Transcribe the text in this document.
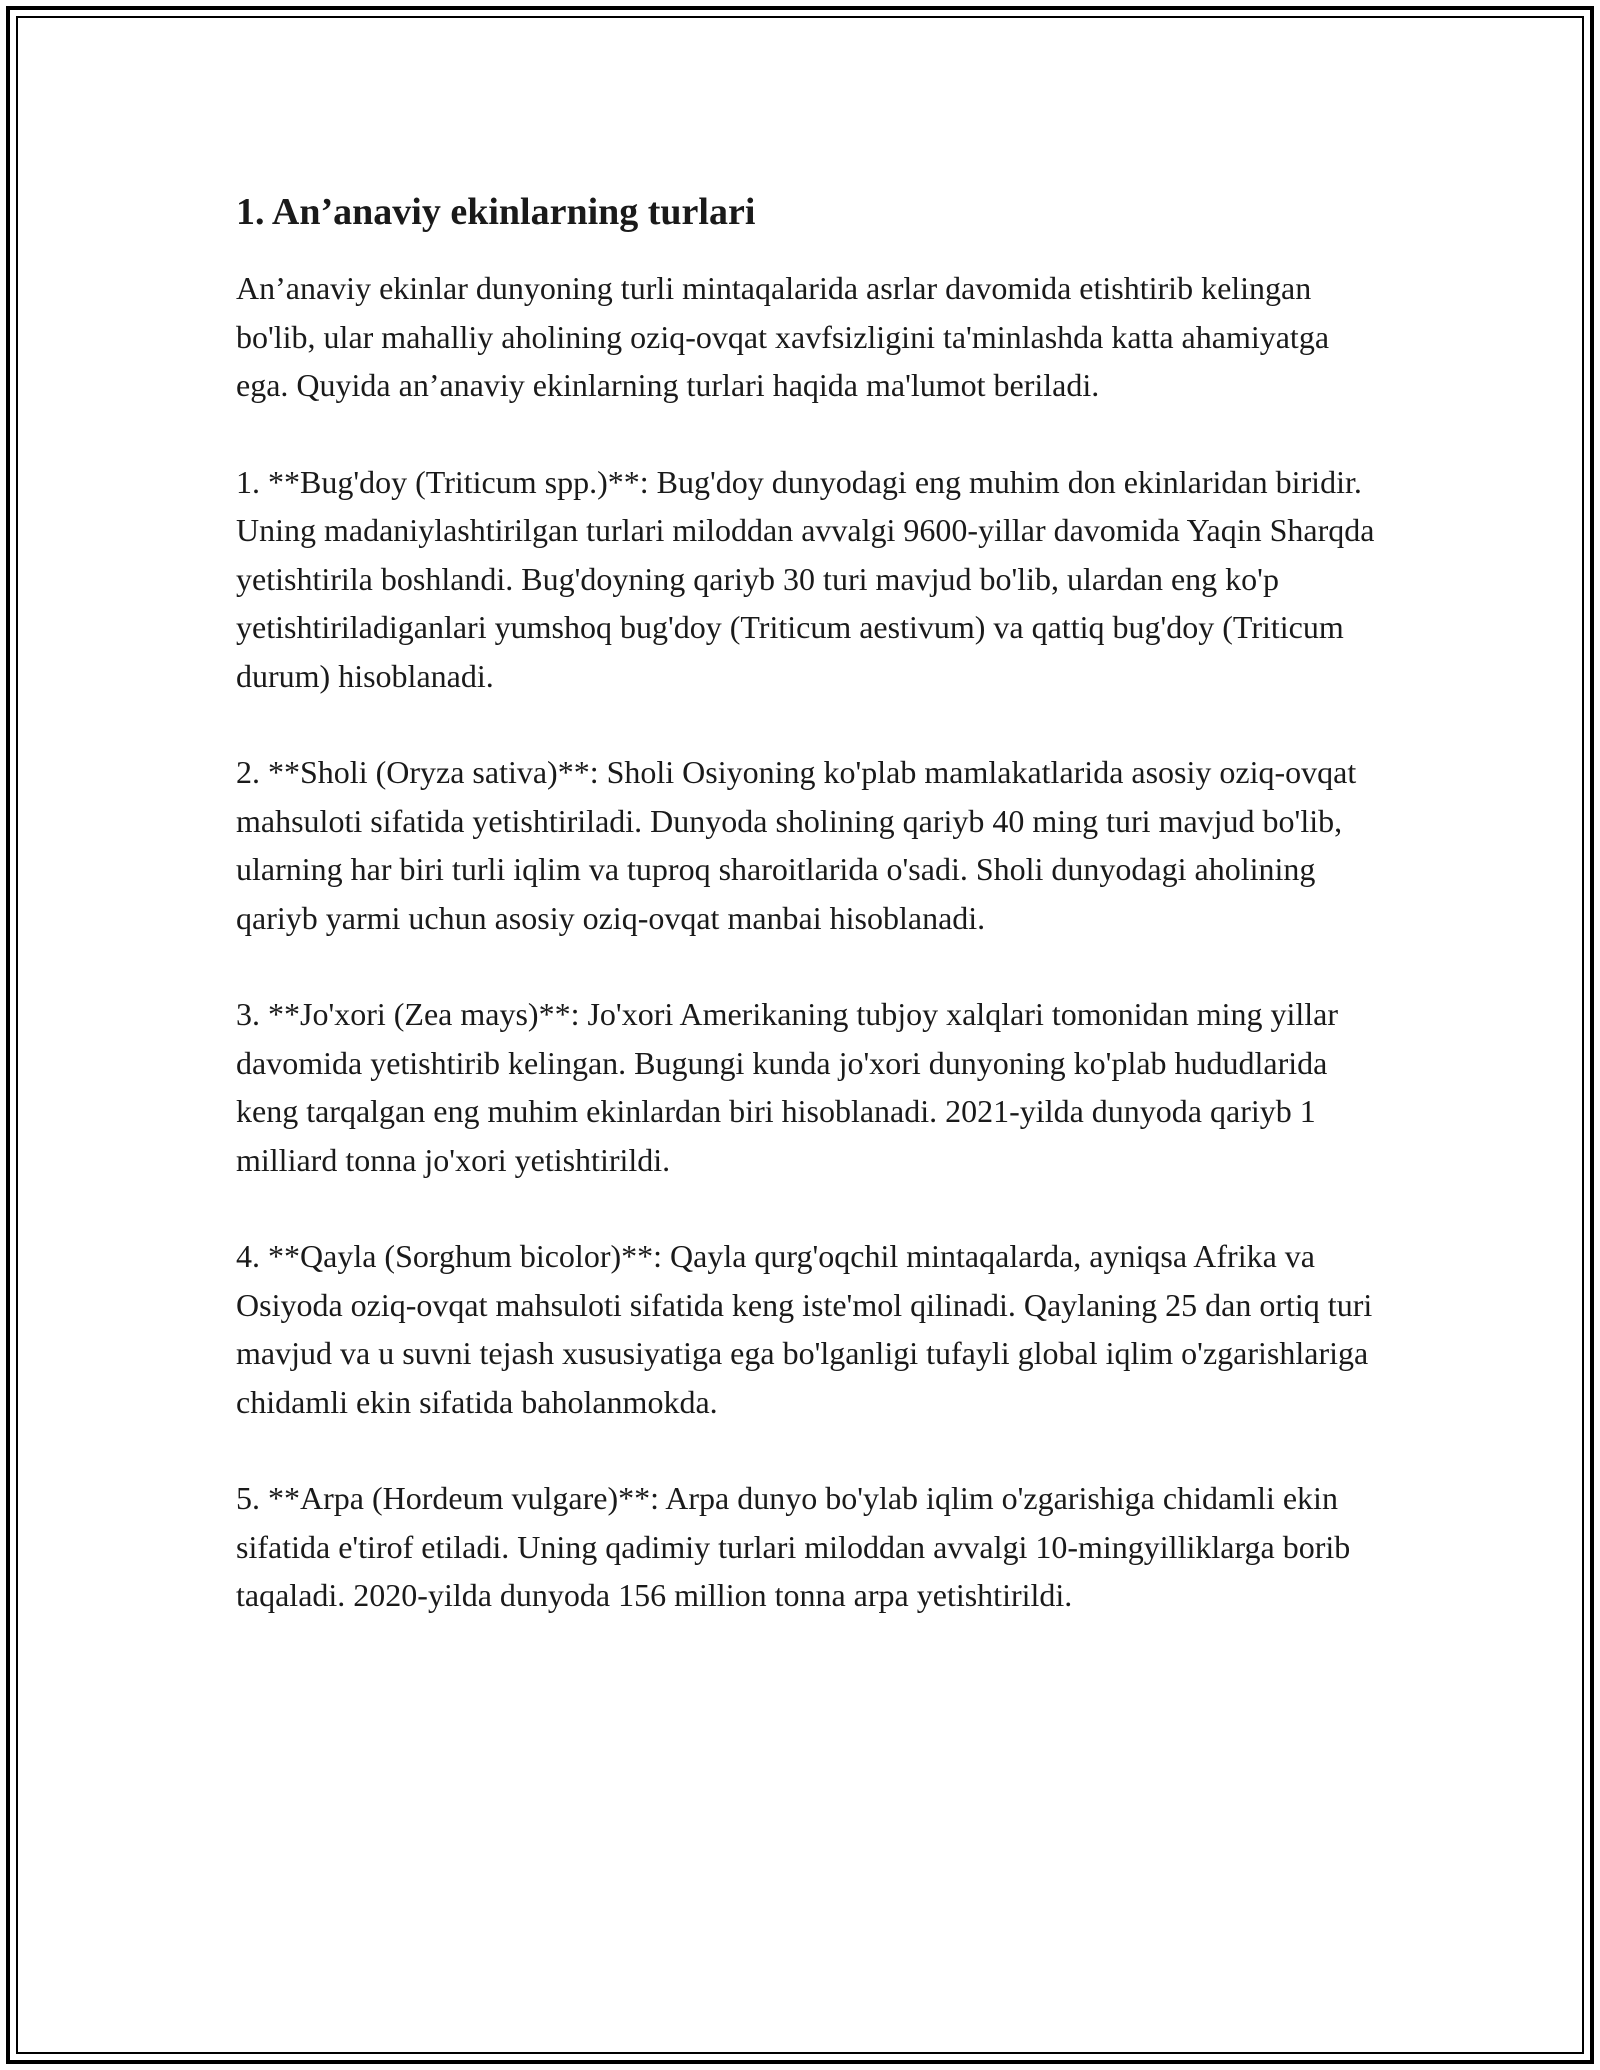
1. An’anaviy ekinlarning turlari

An’anaviy ekinlar dunyoning turli mintaqalarida asrlar davomida etishtirib kelingan bo'lib, ular mahalliy aholining oziq-ovqat xavfsizligini ta'minlashda katta ahamiyatga ega. Quyida an’anaviy ekinlarning turlari haqida ma'lumot beriladi.

1. **Bug'doy (Triticum spp.)**: Bug'doy dunyodagi eng muhim don ekinlaridan biridir. Uning madaniylashtirilgan turlari miloddan avvalgi 9600-yillar davomida Yaqin Sharqda yetishtirila boshlandi. Bug'doyning qariyb 30 turi mavjud bo'lib, ulardan eng ko'p yetishtiriladiganlari yumshoq bug'doy (Triticum aestivum) va qattiq bug'doy (Triticum durum) hisoblanadi.

2. **Sholi (Oryza sativa)**: Sholi Osiyoning ko'plab mamlakatlarida asosiy oziq-ovqat mahsuloti sifatida yetishtiriladi. Dunyoda sholining qariyb 40 ming turi mavjud bo'lib, ularning har biri turli iqlim va tuproq sharoitlarida o'sadi. Sholi dunyodagi aholining qariyb yarmi uchun asosiy oziq-ovqat manbai hisoblanadi.

3. **Jo'xori (Zea mays)**: Jo'xori Amerikaning tubjoy xalqlari tomonidan ming yillar davomida yetishtirib kelingan. Bugungi kunda jo'xori dunyoning ko'plab hududlarida keng tarqalgan eng muhim ekinlardan biri hisoblanadi. 2021-yilda dunyoda qariyb 1 milliard tonna jo'xori yetishtirildi.

4. **Qayla (Sorghum bicolor)**: Qayla qurg'oqchil mintaqalarda, ayniqsa Afrika va Osiyoda oziq-ovqat mahsuloti sifatida keng iste'mol qilinadi. Qaylaning 25 dan ortiq turi mavjud va u suvni tejash xususiyatiga ega bo'lganligi tufayli global iqlim o'zgarishlariga chidamli ekin sifatida baholanmokda.

5. **Arpa (Hordeum vulgare)**: Arpa dunyo bo'ylab iqlim o'zgarishiga chidamli ekin sifatida e'tirof etiladi. Uning qadimiy turlari miloddan avvalgi 10-mingyilliklarga borib taqaladi. 2020-yilda dunyoda 156 million tonna arpa yetishtirildi.
